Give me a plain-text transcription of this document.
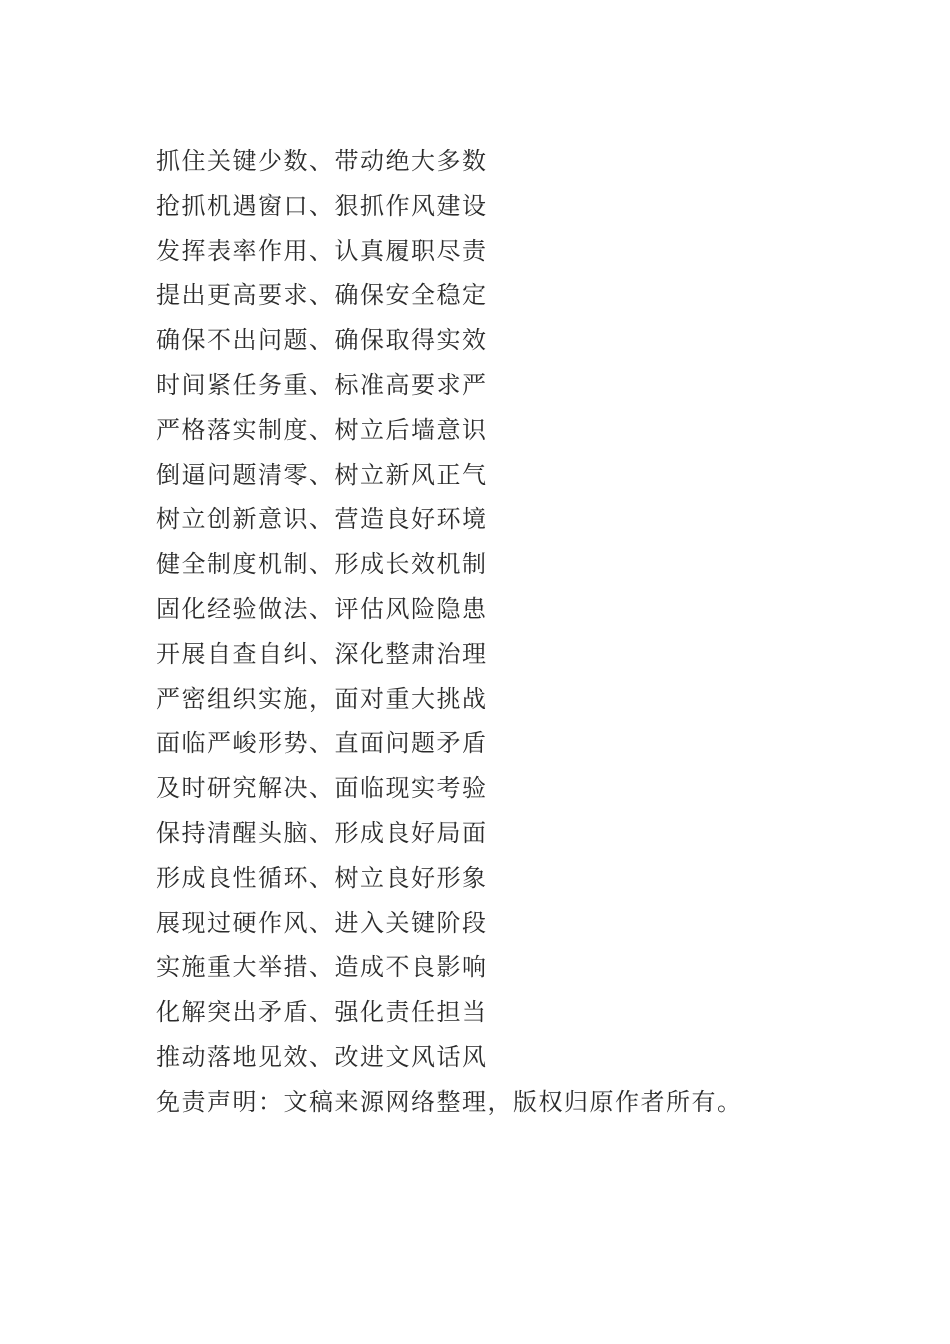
抓住关键少数、带动绝大多数
抢抓机遇窗口、狠抓作风建设
发挥表率作用、认真履职尽责
提出更高要求、确保安全稳定
确保不出问题、确保取得实效
时间紧任务重、标准高要求严
严格落实制度、树立后墙意识
倒逼问题清零、树立新风正气
树立创新意识、营造良好环境
健全制度机制、形成长效机制
固化经验做法、评估风险隐患
开展自查自纠、深化整肃治理
严密组织实施，面对重大挑战
面临严峻形势、直面问题矛盾
及时研究解决、面临现实考验
保持清醒头脑、形成良好局面
形成良性循环、树立良好形象
展现过硬作风、进入关键阶段
实施重大举措、造成不良影响
化解突出矛盾、强化责任担当
推动落地见效、改进文风话风

免责声明：文稿来源网络整理，版权归原作者所有。
